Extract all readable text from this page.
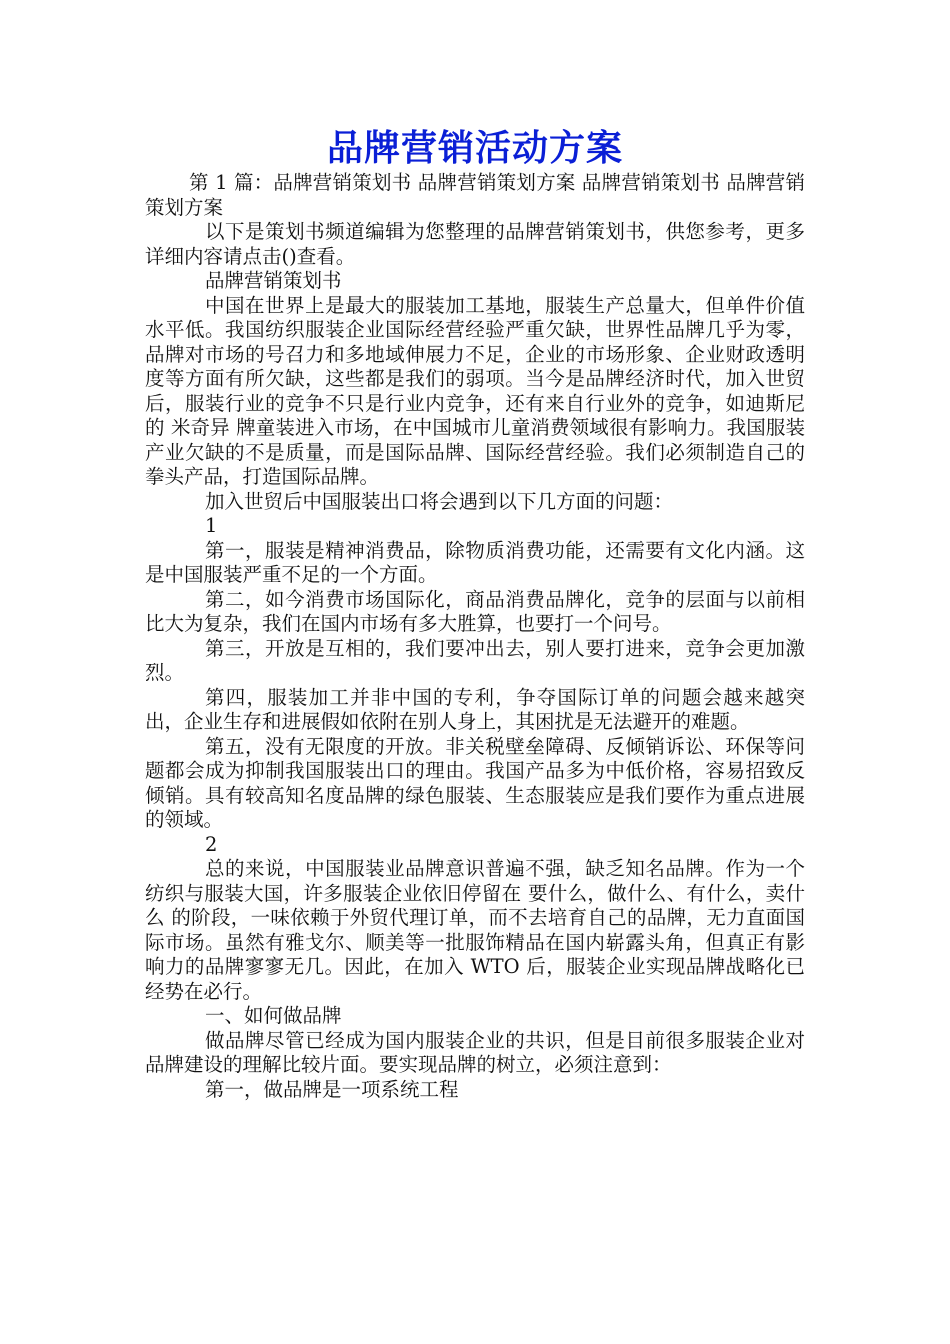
品牌营销活动方案

第 1 篇：品牌营销策划书 品牌营销策划方案 品牌营销策划书 品牌营销策划方案

以下是策划书频道编辑为您整理的品牌营销策划书，供您参考，更多详细内容请点击()查看。

品牌营销策划书

中国在世界上是最大的服装加工基地，服装生产总量大，但单件价值水平低。我国纺织服装企业国际经营经验严重欠缺，世界性品牌几乎为零，品牌对市场的号召力和多地域伸展力不足，企业的市场形象、企业财政透明度等方面有所欠缺，这些都是我们的弱项。当今是品牌经济时代，加入世贸后，服装行业的竞争不只是行业内竞争，还有来自行业外的竞争，如迪斯尼的 米奇异 牌童装进入市场，在中国城市儿童消费领域很有影响力。我国服装产业欠缺的不是质量，而是国际品牌、国际经营经验。我们必须制造自己的拳头产品，打造国际品牌。

加入世贸后中国服装出口将会遇到以下几方面的问题：

1

第一，服装是精神消费品，除物质消费功能，还需要有文化内涵。这是中国服装严重不足的一个方面。

第二，如今消费市场国际化，商品消费品牌化，竞争的层面与以前相比大为复杂，我们在国内市场有多大胜算，也要打一个问号。

第三，开放是互相的，我们要冲出去，别人要打进来，竞争会更加激烈。

第四，服装加工并非中国的专利，争夺国际订单的问题会越来越突出，企业生存和进展假如依附在别人身上，其困扰是无法避开的难题。

第五，没有无限度的开放。非关税壁垒障碍、反倾销诉讼、环保等问题都会成为抑制我国服装出口的理由。我国产品多为中低价格，容易招致反倾销。具有较高知名度品牌的绿色服装、生态服装应是我们要作为重点进展的领域。

2

总的来说，中国服装业品牌意识普遍不强，缺乏知名品牌。作为一个纺织与服装大国，许多服装企业依旧停留在 要什么，做什么、有什么，卖什么 的阶段，一味依赖于外贸代理订单，而不去培育自己的品牌，无力直面国际市场。虽然有雅戈尔、顺美等一批服饰精品在国内崭露头角，但真正有影响力的品牌寥寥无几。因此，在加入 WTO 后，服装企业实现品牌战略化已经势在必行。

一、如何做品牌

做品牌尽管已经成为国内服装企业的共识，但是目前很多服装企业对品牌建设的理解比较片面。要实现品牌的树立，必须注意到：

第一，做品牌是一项系统工程
